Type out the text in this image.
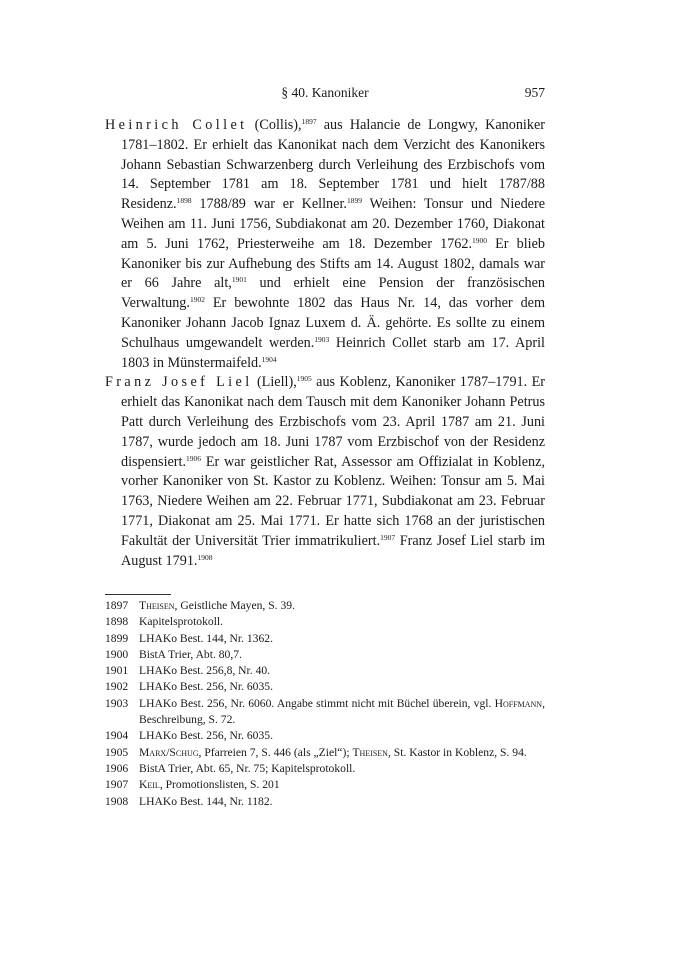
§ 40. Kanoniker	957

Heinrich Collet (Collis),$^{1897}$ aus Halancie de Longwy, Kanoniker 1781–1802. Er erhielt das Kanonikat nach dem Verzicht des Kanonikers Johann Sebastian Schwarzenberg durch Verleihung des Erzbischofs vom 14. September 1781 am 18. September 1781 und hielt 1787/88 Residenz.$^{1898}$ 1788/89 war er Kellner.$^{1899}$ Weihen: Tonsur und Niedere Weihen am 11. Juni 1756, Subdiakonat am 20. Dezember 1760, Diakonat am 5. Juni 1762, Priesterweihe am 18. Dezember 1762.$^{1900}$ Er blieb Kanoniker bis zur Aufhebung des Stifts am 14. August 1802, damals war er 66 Jahre alt,$^{1901}$ und erhielt eine Pension der französischen Verwaltung.$^{1902}$ Er bewohnte 1802 das Haus Nr. 14, das vorher dem Kanoniker Johann Jacob Ignaz Luxem d. Ä. gehörte. Es sollte zu einem Schulhaus umgewandelt werden.$^{1903}$ Heinrich Collet starb am 17. April 1803 in Münstermaifeld.$^{1904}$

Franz Josef Liel (Liell),$^{1905}$ aus Koblenz, Kanoniker 1787–1791. Er erhielt das Kanonikat nach dem Tausch mit dem Kanoniker Johann Petrus Patt durch Verleihung des Erzbischofs vom 23. April 1787 am 21. Juni 1787, wurde jedoch am 18. Juni 1787 vom Erzbischof von der Residenz dispensiert.$^{1906}$ Er war geistlicher Rat, Assessor am Offizialat in Koblenz, vorher Kanoniker von St. Kastor zu Koblenz. Weihen: Tonsur am 5. Mai 1763, Niedere Weihen am 22. Februar 1771, Subdiakonat am 23. Februar 1771, Diakonat am 25. Mai 1771. Er hatte sich 1768 an der juristischen Fakultät der Universität Trier immatrikuliert.$^{1907}$ Franz Josef Liel starb im August 1791.$^{1908}$

1897 Theisen, Geistliche Mayen, S. 39.
1898 Kapitelsprotokoll.
1899 LHAKo Best. 144, Nr. 1362.
1900 BistA Trier, Abt. 80,7.
1901 LHAKo Best. 256,8, Nr. 40.
1902 LHAKo Best. 256, Nr. 6035.
1903 LHAKo Best. 256, Nr. 6060. Angabe stimmt nicht mit Büchel überein, vgl. Hoffmann, Beschreibung, S. 72.
1904 LHAKo Best. 256, Nr. 6035.
1905 Marx/Schug, Pfarreien 7, S. 446 (als „Ziel“); Theisen, St. Kastor in Koblenz, S. 94.
1906 BistA Trier, Abt. 65, Nr. 75; Kapitelsprotokoll.
1907 Keil, Promotionslisten, S. 201
1908 LHAKo Best. 144, Nr. 1182.
